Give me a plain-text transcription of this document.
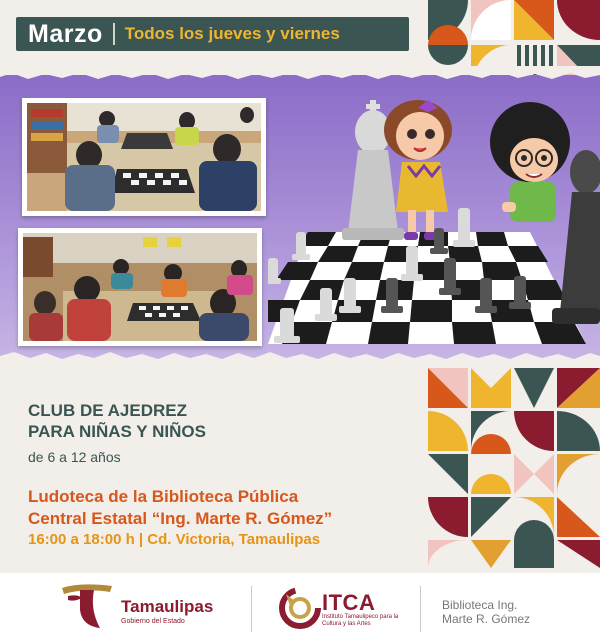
Marzo Todos los jueves y viernes
CLUB DE AJEDREZ
PARA NIÑAS Y NIÑOS
de 6 a 12 años
Ludoteca de la Biblioteca Pública
Central Estatal “Ing. Marte R. Gómez”
16:00 a 18:00 h | Cd. Victoria, Tamaulipas
Tamaulipas
Gobierno del Estado
ITCA
Instituto Tamaulipeco para la Cultura y las Artes
Biblioteca Ing.
Marte R. Gómez
